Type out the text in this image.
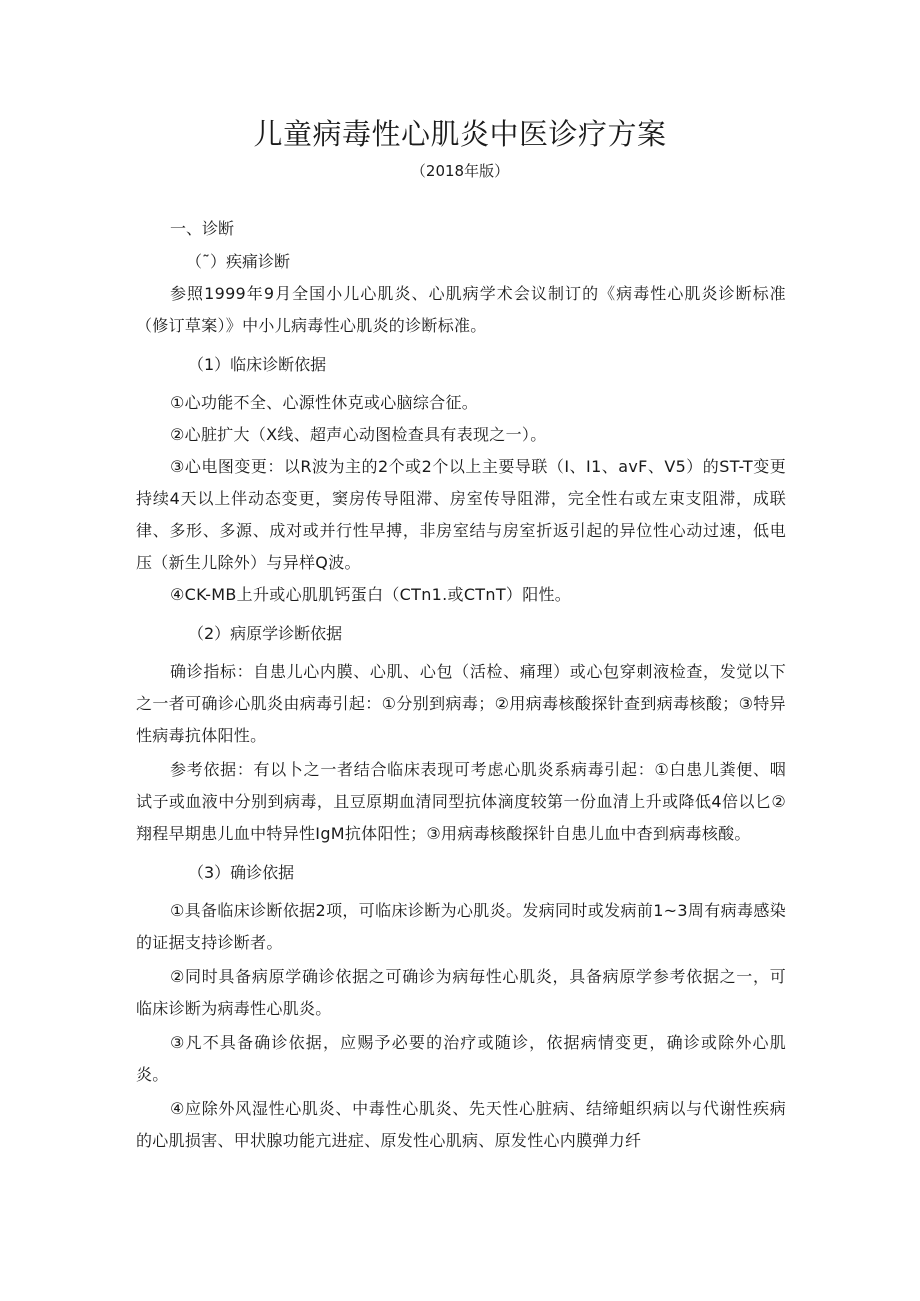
儿童病毒性心肌炎中医诊疗方案

（2018年版）

一、诊断

（˜）疾痛诊断

参照1999年9月全国小儿心肌炎、心肌病学术会议制订的《病毒性心肌炎诊断标准（修订草案）》中小儿病毒性心肌炎的诊断标准。

（1）临床诊断依据

①心功能不全、心源性休克或心脑综合征。

②心脏扩大（X线、超声心动图检查具有表现之一）。

③心电图变更：以R波为主的2个或2个以上主要导联（I、I1、avF、V5）的ST-T变更持续4天以上伴动态变更，窦房传导阻滞、房室传导阻滞，完全性右或左束支阻滞，成联律、多形、多源、成对或并行性早搏，非房室结与房室折返引起的异位性心动过速，低电压（新生儿除外）与异样Q波。

④CK-MB上升或心肌肌钙蛋白（CTn1.或CTnT）阳性。

（2）病原学诊断依据

确诊指标：自患儿心内膜、心肌、心包（活检、痛理）或心包穿刺液检查，发觉以下之一者可确诊心肌炎由病毒引起：①分别到病毒；②用病毒核酸探针查到病毒核酸；③特异性病毒抗体阳性。

参考依据：有以卜之一者结合临床表现可考虑心肌炎系病毒引起：①白患儿粪便、咽试子或血液中分别到病毒，且豆原期血清同型抗体滴度较第一份血清上升或降低4倍以匕②翔程早期患儿血中特异性IgM抗体阳性；③用病毒核酸探针自患儿血中杳到病毒核酸。

（3）确诊依据

①具备临床诊断依据2项，可临床诊断为心肌炎。发病同时或发病前1~3周有病毒感染的证据支持诊断者。

②同时具备病原学确诊依据之可确诊为病毎性心肌炎，具备病原学参考依据之一，可临床诊断为病毒性心肌炎。

③凡不具备确诊依据，应赐予必要的治疗或随诊，依据病情变更，确诊或除外心肌炎。

④应除外风湿性心肌炎、中毒性心肌炎、先天性心脏病、结缔蛆织病以与代谢性疾病的心肌损害、甲状腺功能亢进症、原发性心肌病、原发性心内膜弹力纤
